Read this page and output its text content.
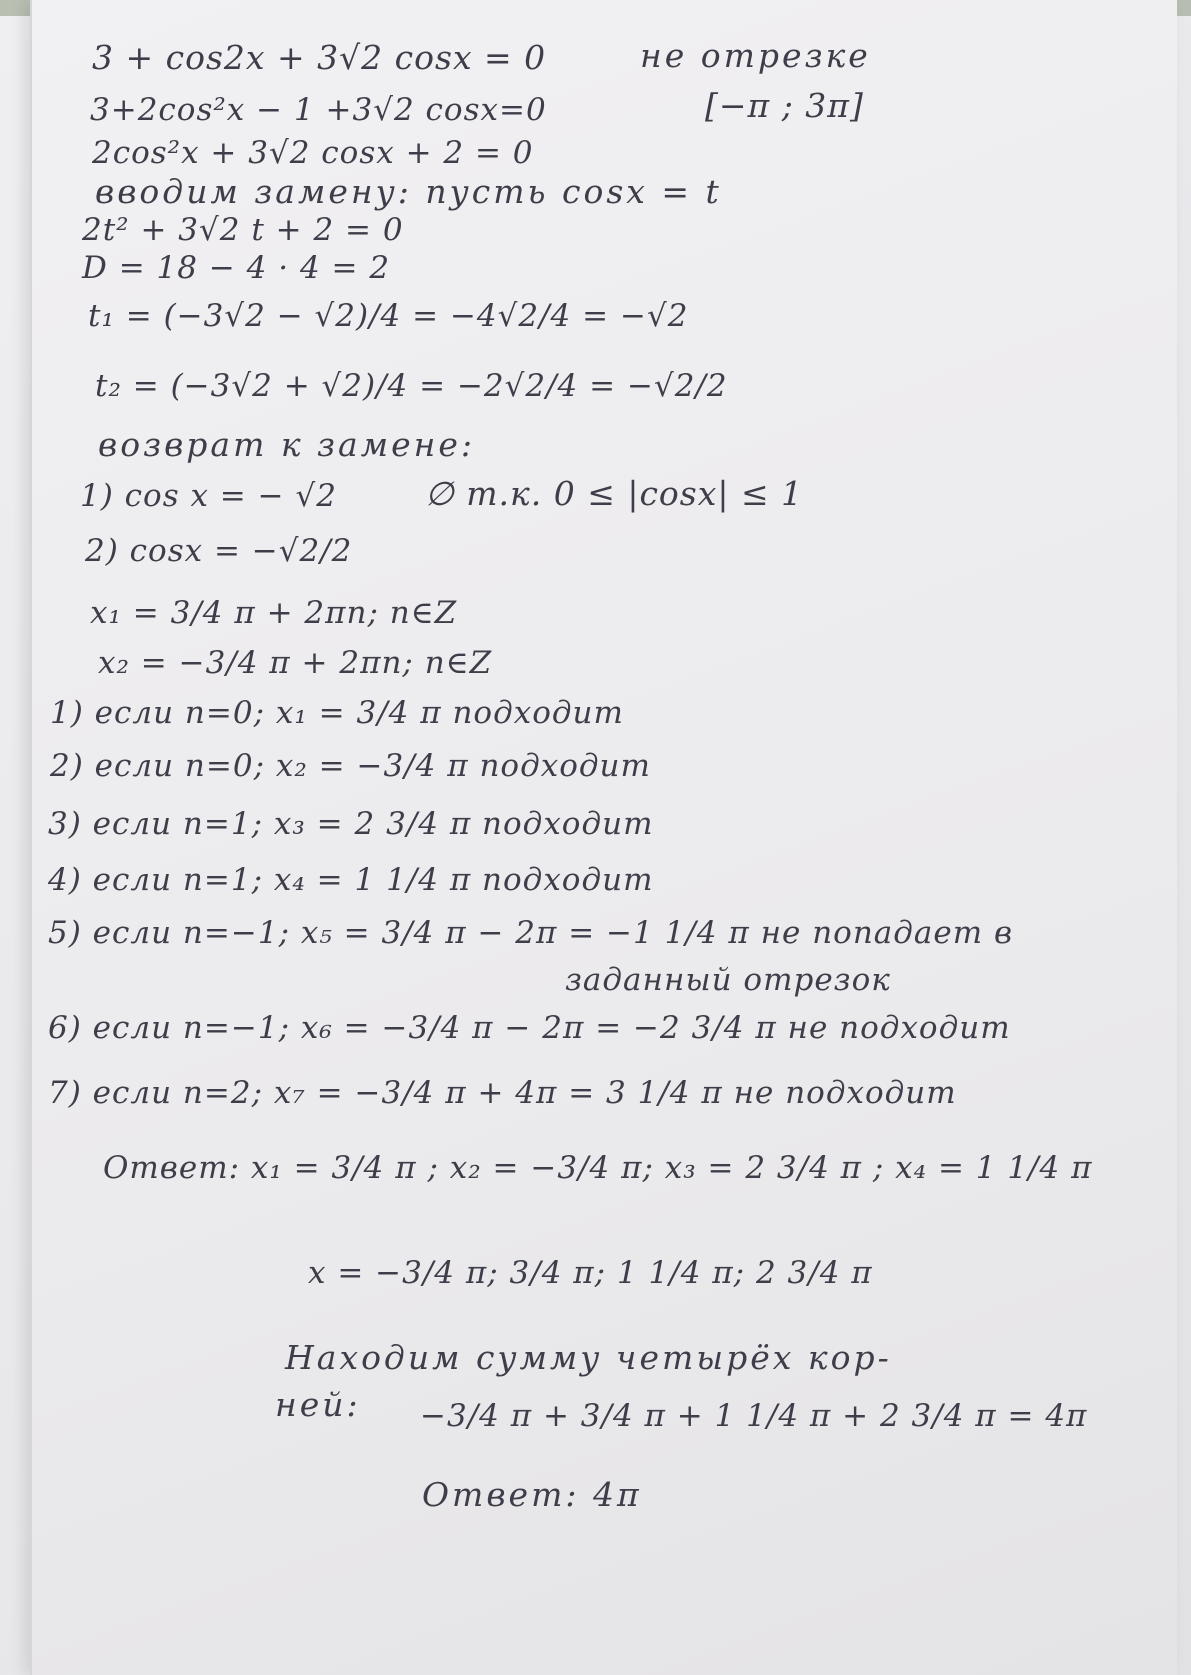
3 + cos2x + 3√2 cosx = 0	не отрезке
3+2cos²x − 1 +3√2 cosx=0	[−π ; 3π]
2cos²x + 3√2 cosx + 2 = 0
вводим замену: пусть cosx = t
2t² + 3√2 t + 2 = 0
D = 18 − 4 · 4 = 2
t₁ = (−3√2 − √2)/4 = −4√2/4 = −√2
t₂ = (−3√2 + √2)/4 = −2√2/4 = −√2/2
возврат к замене:
1) cos x = − √2	∅ т.к. 0 ≤ |cosx| ≤ 1
2) cosx = −√2/2
x₁ = 3/4 π + 2πn; n∈Z
x₂ = −3/4 π + 2πn; n∈Z
1) если n=0; x₁ = 3/4 π подходит
2) если n=0; x₂ = −3/4 π подходит
3) если n=1; x₃ = 2 3/4 π подходит
4) если n=1; x₄ = 1 1/4 π подходит
5) если n=−1; x₅ = 3/4 π − 2π = −1 1/4 π не попадает в
заданный отрезок
6) если n=−1; x₆ = −3/4 π − 2π = −2 3/4 π не подходит
7) если n=2; x₇ = −3/4 π + 4π = 3 1/4 π не подходит
Ответ: x₁ = 3/4 π ; x₂ = −3/4 π; x₃ = 2 3/4 π ; x₄ = 1 1/4 π
x = −3/4 π; 3/4 π; 1 1/4 π; 2 3/4 π
Находим сумму четырёх кор-
ней: −3/4 π + 3/4 π + 1 1/4 π + 2 3/4 π = 4π
Ответ: 4π
